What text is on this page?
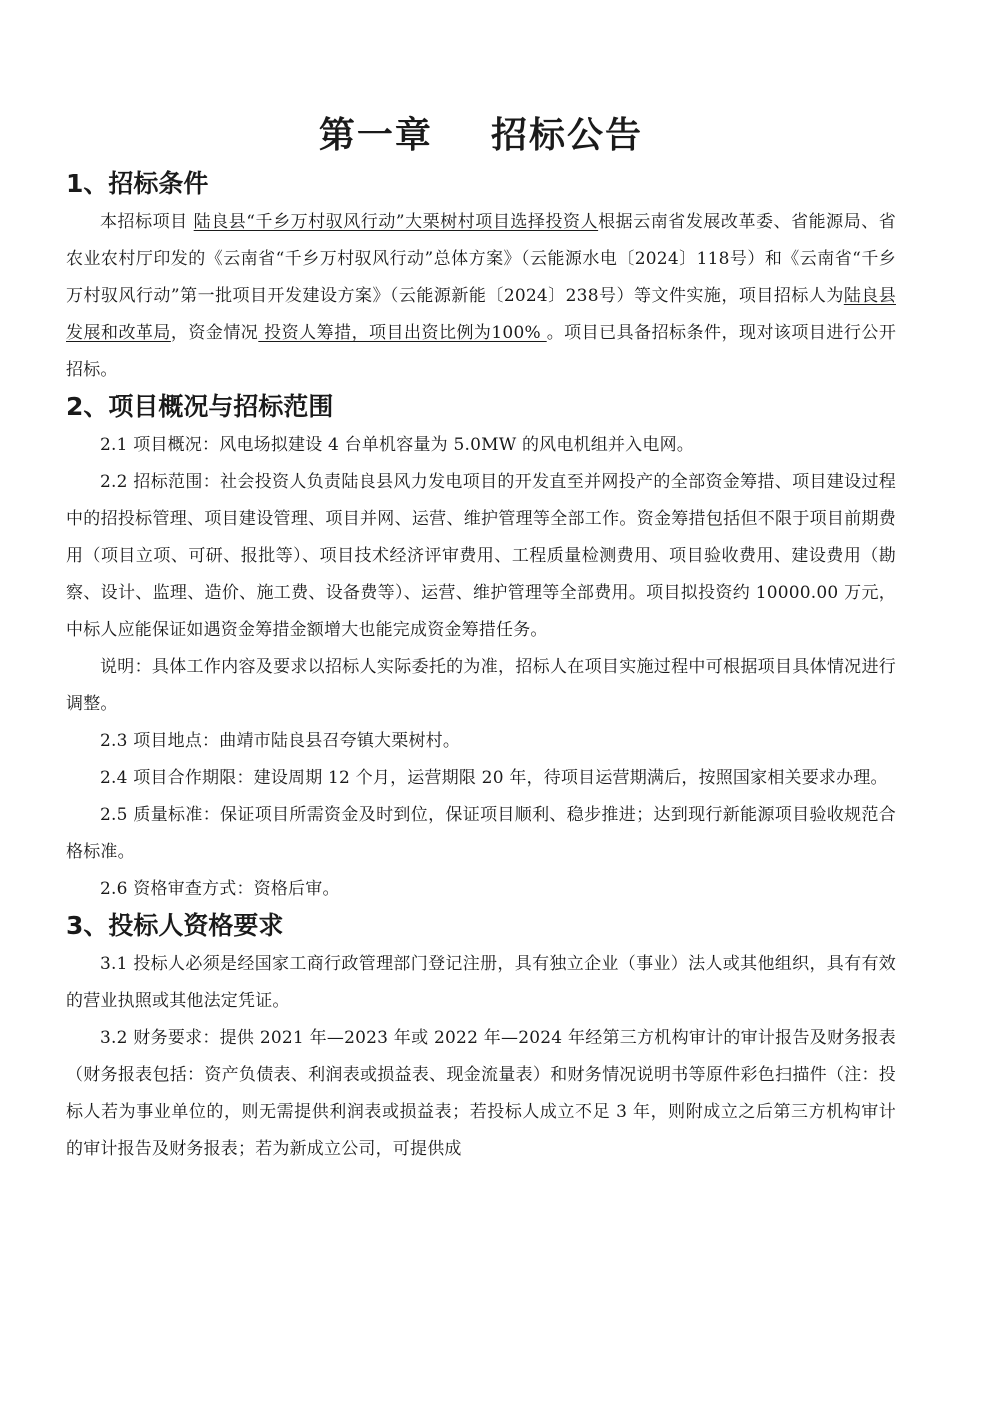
第一章    招标公告
1、招标条件

本招标项目 陆良县“千乡万村驭风行动”大栗树村项目选择投资人根据云南省发展改革委、省能源局、省农业农村厅印发的《云南省“千乡万村驭风行动”总体方案》（云能源水电〔2024〕118号）和《云南省“千乡万村驭风行动”第一批项目开发建设方案》（云能源新能〔2024〕238号）等文件实施，项目招标人为陆良县发展和改革局，资金情况 投资人筹措，项目出资比例为100% 。项目已具备招标条件，现对该项目进行公开招标。

2、项目概况与招标范围

2.1 项目概况：风电场拟建设 4 台单机容量为 5.0MW 的风电机组并入电网。

2.2 招标范围：社会投资人负责陆良县风力发电项目的开发直至并网投产的全部资金筹措、项目建设过程中的招投标管理、项目建设管理、项目并网、运营、维护管理等全部工作。资金筹措包括但不限于项目前期费用（项目立项、可研、报批等）、项目技术经济评审费用、工程质量检测费用、项目验收费用、建设费用（勘察、设计、监理、造价、施工费、设备费等）、运营、维护管理等全部费用。项目拟投资约 10000.00 万元，中标人应能保证如遇资金筹措金额增大也能完成资金筹措任务。

说明：具体工作内容及要求以招标人实际委托的为准，招标人在项目实施过程中可根据项目具体情况进行调整。

2.3 项目地点：曲靖市陆良县召夸镇大栗树村。

2.4 项目合作期限：建设周期 12 个月，运营期限 20 年，待项目运营期满后，按照国家相关要求办理。

2.5 质量标准：保证项目所需资金及时到位，保证项目顺利、稳步推进；达到现行新能源项目验收规范合格标准。

2.6 资格审查方式：资格后审。

3、投标人资格要求

3.1 投标人必须是经国家工商行政管理部门登记注册，具有独立企业（事业）法人或其他组织，具有有效的营业执照或其他法定凭证。

3.2 财务要求：提供 2021 年—2023 年或 2022 年—2024 年经第三方机构审计的审计报告及财务报表（财务报表包括：资产负债表、利润表或损益表、现金流量表）和财务情况说明书等原件彩色扫描件（注：投标人若为事业单位的，则无需提供利润表或损益表；若投标人成立不足 3 年，则附成立之后第三方机构审计的审计报告及财务报表；若为新成立公司，可提供成
